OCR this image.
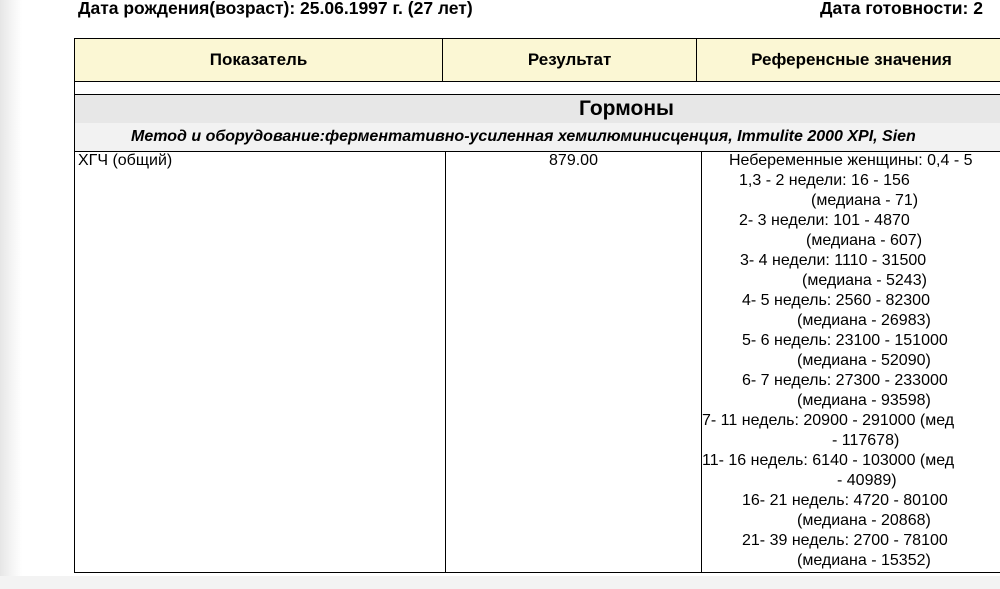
Дата рождения(возраст): 25.06.1997 г. (27 лет)	Дата готовности: 2
Показатель	Результат	Референсные значения
Гормоны
Метод и оборудование:ферментативно-усиленная хемилюминисценция, Immulite 2000 XPI, Sien
ХГЧ (общий)	879.00	Небеременные женщины: 0,4 - 5
1,3 - 2 недели: 16 - 156
(медиана - 71)
2- 3 недели: 101 - 4870
(медиана - 607)
3- 4 недели: 1110 - 31500
(медиана - 5243)
4- 5 недель: 2560 - 82300
(медиана - 26983)
5- 6 недель: 23100 - 151000
(медиана - 52090)
6- 7 недель: 27300 - 233000
(медиана - 93598)
7- 11 недель: 20900 - 291000 (мед
- 117678)
11- 16 недель: 6140 - 103000 (мед
- 40989)
16- 21 недель: 4720 - 80100
(медиана - 20868)
21- 39 недель: 2700 - 78100
(медиана - 15352)
